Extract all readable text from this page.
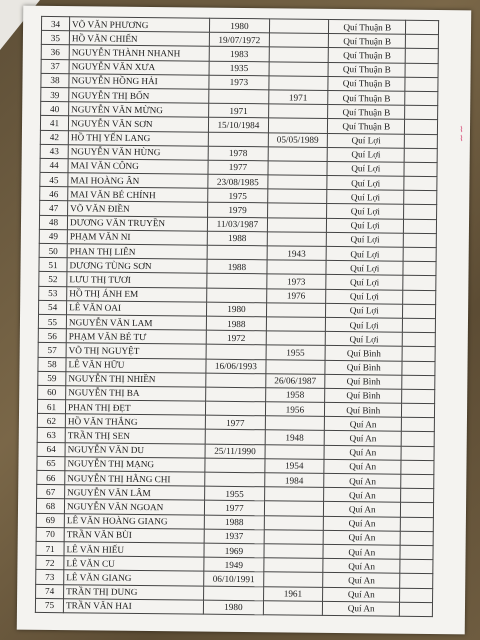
⌇⌇
34	VÕ VĂN PHƯƠNG	1980		Quí Thuận B	
35	HỒ VĂN CHIẾN	19/07/1972		Quí Thuận B	
36	NGUYỄN THÀNH NHANH	1983		Quí Thuận B	
37	NGUYỄN VĂN XƯA	1935		Quí Thuận B	
38	NGUYỄN HỒNG HẢI	1973		Quí Thuận B	
39	NGUYỄN THỊ BỐN		1971	Quí Thuận B	
40	NGUYỄN VĂN MỪNG	1971		Quí Thuận B	
41	NGUYỄN VĂN SƠN	15/10/1984		Quí Thuận B	
42	HỒ THỊ YẾN LANG		05/05/1989	Quí Lợi	
43	NGUYỄN VĂN HÙNG	1978		Quí Lợi	
44	MAI VĂN CÔNG	1977		Quí Lợi	
45	MAI HOÀNG ÂN	23/08/1985		Quí Lợi	
46	MAI VĂN BÉ CHÍNH	1975		Quí Lợi	
47	VÕ VĂN ĐIỀN	1979		Quí Lợi	
48	DƯƠNG VĂN TRUYỀN	11/03/1987		Quí Lợi	
49	PHẠM VĂN NI	1988		Quí Lợi	
50	PHAN THỊ LIÊN		1943	Quí Lợi	
51	DƯƠNG TÙNG SƠN	1988		Quí Lợi	
52	LƯU THỊ TƯƠI		1973	Quí Lợi	
53	HỒ THỊ ÁNH EM		1976	Quí Lợi	
54	LÊ VĂN OAI	1980		Quí Lợi	
55	NGUYỄN VĂN LAM	1988		Quí Lợi	
56	PHẠM VĂN BÉ TƯ	1972		Quí Lợi	
57	VÕ THỊ NGUYỆT		1955	Quí Bình	
58	LÊ VĂN HỮU	16/06/1993		Quí Bình	
59	NGUYỄN THỊ NHIỀN		26/06/1987	Quí Bình	
60	NGUYỄN THỊ BA		1958	Quí Bình	
61	PHAN THỊ ĐẸT		1956	Quí Bình	
62	HỒ VĂN THẮNG	1977		Quí An	
63	TRẦN THỊ SEN		1948	Quí An	
64	NGUYỄN VĂN DU	25/11/1990		Quí An	
65	NGUYỄN THỊ MẠNG		1954	Quí An	
66	NGUYỄN THỊ HẰNG CHI		1984	Quí An	
67	NGUYỄN VĂN LÂM	1955		Quí An	
68	NGUYỄN VĂN NGOAN	1977		Quí An	
69	LÊ VĂN HOÀNG GIANG	1988		Quí An	
70	TRẦN VĂN BÙI	1937		Quí An	
71	LÊ VĂN HIẾU	1969		Quí An	
72	LÊ VĂN CU	1949		Quí An	
73	LÊ VĂN GIANG	06/10/1991		Quí An	
74	TRẦN THỊ DUNG		1961	Quí An	
75	TRẦN VĂN HAI	1980		Quí An	
